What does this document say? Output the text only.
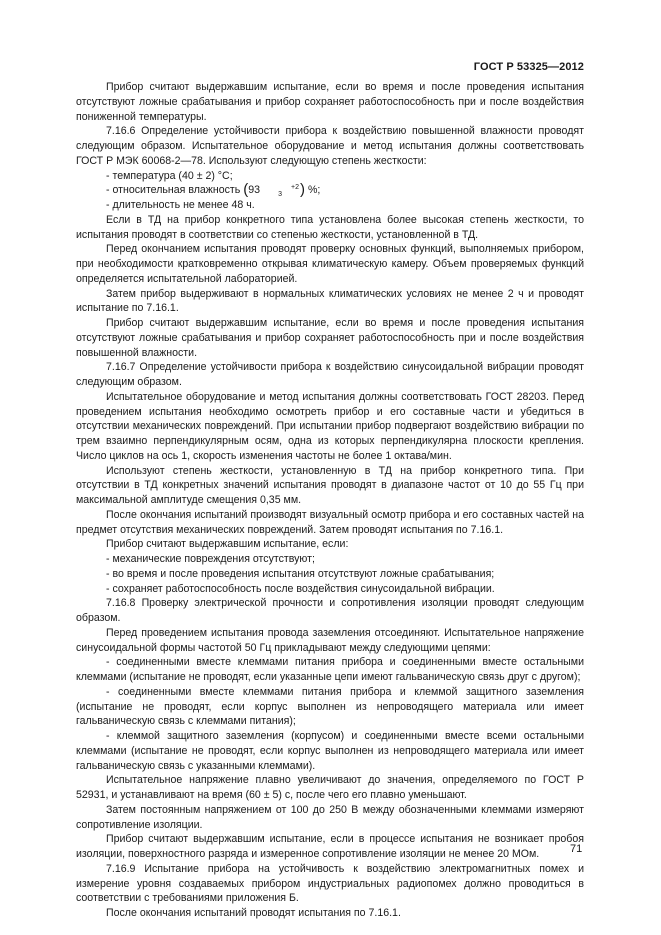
ГОСТ Р 53325—2012

Прибор считают выдержавшим испытание, если во время и после проведения испытания отсутствуют ложные срабатывания и прибор сохраняет работоспособность при и после воздействия пониженной температуры.

7.16.6 Определение устойчивости прибора к воздействию повышенной влажности проводят следующим образом. Испытательное оборудование и метод испытания должны соответствовать ГОСТ Р МЭК 60068-2—78. Используют следующую степень жесткости:

- температура (40 ± 2) °С;

- относительная влажность (93	+2
3 ) %;

- длительность не менее 48 ч.

Если в ТД на прибор конкретного типа установлена более высокая степень жесткости, то испытания проводят в соответствии со степенью жесткости, установленной в ТД.

Перед окончанием испытания проводят проверку основных функций, выполняемых прибором, при необходимости кратковременно открывая климатическую камеру. Объем проверяемых функций определяется испытательной лабораторией.

Затем прибор выдерживают в нормальных климатических условиях не менее 2 ч и проводят испытание по 7.16.1.

Прибор считают выдержавшим испытание, если во время и после проведения испытания отсутствуют ложные срабатывания и прибор сохраняет работоспособность при и после воздействия повышенной влажности.

7.16.7 Определение устойчивости прибора к воздействию синусоидальной вибрации проводят следующим образом.

Испытательное оборудование и метод испытания должны соответствовать ГОСТ 28203. Перед проведением испытания необходимо осмотреть прибор и его составные части и убедиться в отсутствии механических повреждений. При испытании прибор подвергают воздействию вибрации по трем взаимно перпендикулярным осям, одна из которых перпендикулярна плоскости крепления. Число циклов на ось 1, скорость изменения частоты не более 1 октава/мин.

Используют степень жесткости, установленную в ТД на прибор конкретного типа. При отсутствии в ТД конкретных значений испытания проводят в диапазоне частот от 10 до 55 Гц при максимальной амплитуде смещения 0,35 мм.

После окончания испытаний производят визуальный осмотр прибора и его составных частей на предмет отсутствия механических повреждений. Затем проводят испытания по 7.16.1.

Прибор считают выдержавшим испытание, если:

- механические повреждения отсутствуют;

- во время и после проведения испытания отсутствуют ложные срабатывания;

- сохраняет работоспособность после воздействия синусоидальной вибрации.

7.16.8 Проверку электрической прочности и сопротивления изоляции проводят следующим образом.

Перед проведением испытания провода заземления отсоединяют. Испытательное напряжение синусоидальной формы частотой 50 Гц прикладывают между следующими цепями:

- соединенными вместе клеммами питания прибора и соединенными вместе остальными клеммами (испытание не проводят, если указанные цепи имеют гальваническую связь друг с другом);

- соединенными вместе клеммами питания прибора и клеммой защитного заземления (испытание не проводят, если корпус выполнен из непроводящего материала или имеет гальваническую связь с клеммами питания);

- клеммой защитного заземления (корпусом) и соединенными вместе всеми остальными клеммами (испытание не проводят, если корпус выполнен из непроводящего материала или имеет гальваническую связь с указанными клеммами).

Испытательное напряжение плавно увеличивают до значения, определяемого по ГОСТ Р 52931, и устанавливают на время (60 ± 5) с, после чего его плавно уменьшают.

Затем постоянным напряжением от 100 до 250 В между обозначенными клеммами измеряют сопротивление изоляции.

Прибор считают выдержавшим испытание, если в процессе испытания не возникает пробоя изоляции, поверхностного разряда и измеренное сопротивление изоляции не менее 20 МОм.

7.16.9 Испытание прибора на устойчивость к воздействию электромагнитных помех и измерение уровня создаваемых прибором индустриальных радиопомех должно проводиться в соответствии с требованиями приложения Б.

После окончания испытаний проводят испытания по 7.16.1.

71
